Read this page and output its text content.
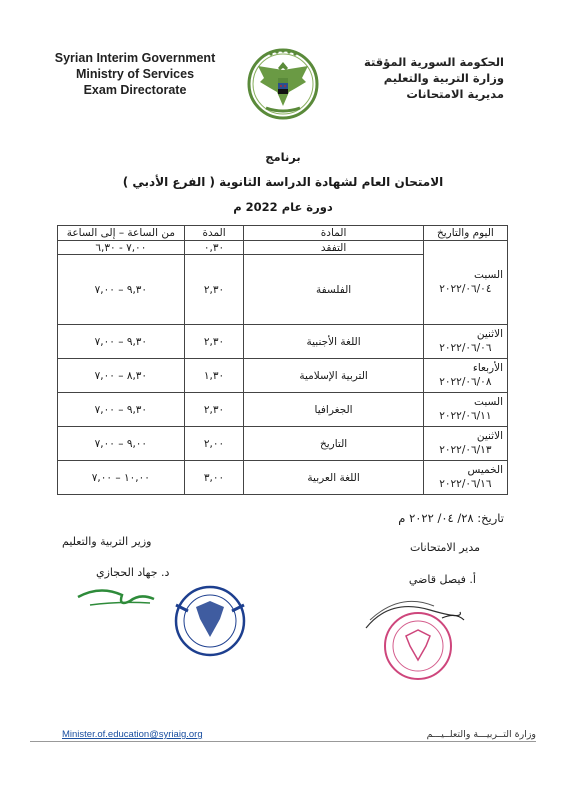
Syrian Interim Government
Ministry of Services
Exam Directorate
الحكومة السورية المؤقتة
وزارة التربية والتعليم
مديرية الامتحانات
برنامج
الامتحان العام لشهادة الدراسة الثانوية ( الفرع الأدبي )
دورة عام 2022 م
اليوم والتاريخ	المادة	المدة	من الساعة – إلى الساعة

السبت
٢٠٢٢/٠٦/٠٤	التفقد	٠,٣٠	٧,٠٠ - ٦,٣٠
	الفلسفة	٢,٣٠	٩,٣٠ – ٧,٠٠

الاثنين
٢٠٢٢/٠٦/٠٦	اللغة الأجنبية	٢,٣٠	٩,٣٠ – ٧,٠٠

الأربعاء
٢٠٢٢/٠٦/٠٨	التربية الإسلامية	١,٣٠	٨,٣٠ – ٧,٠٠

السبت
٢٠٢٢/٠٦/١١	الجغرافيا	٢,٣٠	٩,٣٠ – ٧,٠٠

الاثنين
٢٠٢٢/٠٦/١٣	التاريخ	٢,٠٠	٩,٠٠ – ٧,٠٠

الخميس
٢٠٢٢/٠٦/١٦	اللغة العربية	٣,٠٠	١٠,٠٠ – ٧,٠٠
تاريخ: ٢٨/ ٠٤/ ٢٠٢٢ م
مدير الامتحانات
أ. فيصل قاضي
وزير التربية والتعليم
د. جهاد الحجازي
Minister.of.education@syriaig.org	وزارة التــربيـــة والتعلــيـــم
